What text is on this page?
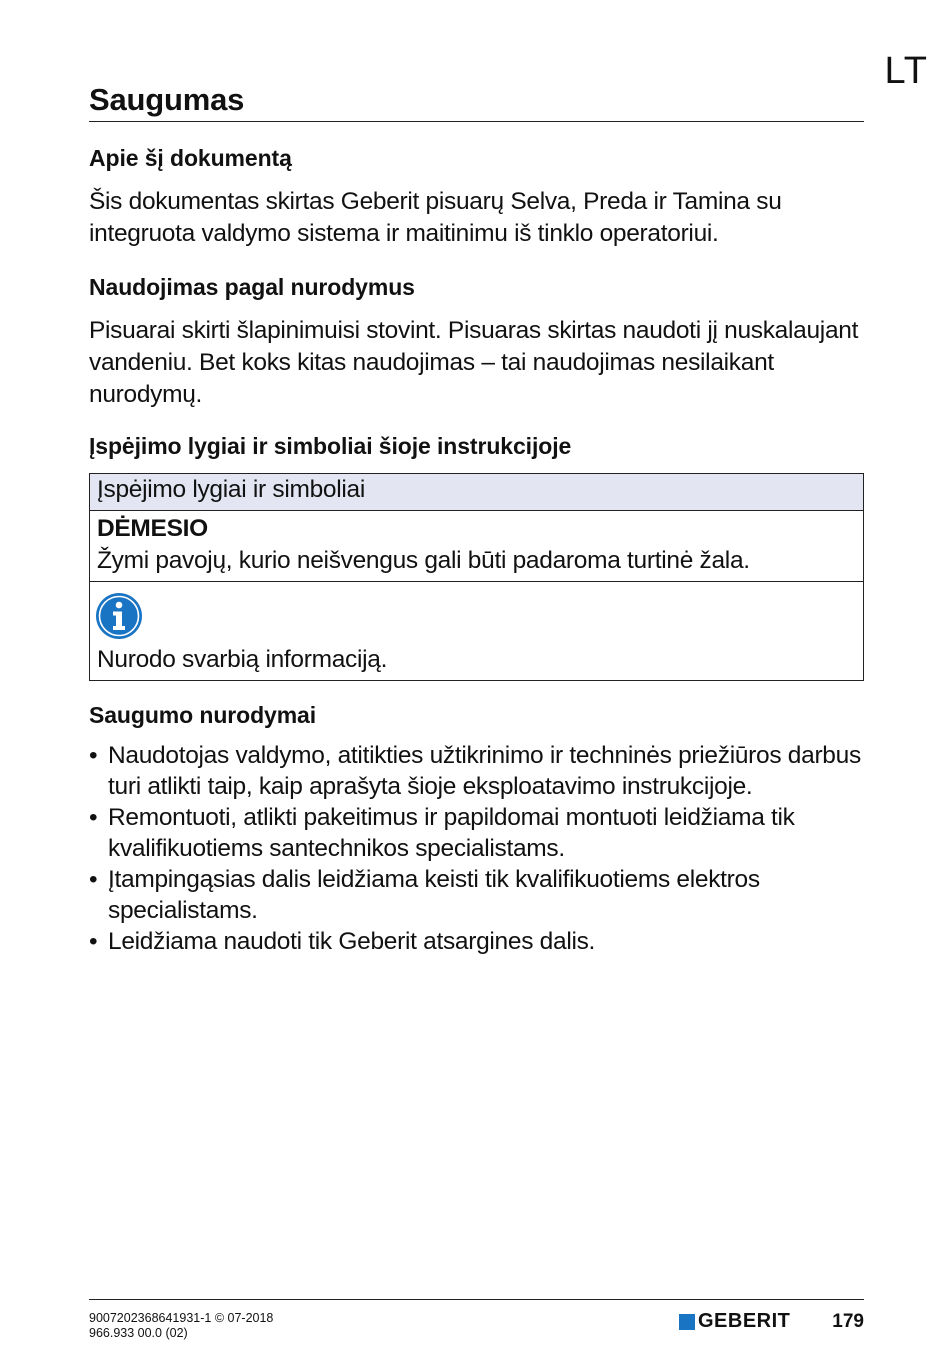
LT
Saugumas
Apie šį dokumentą

Šis dokumentas skirtas Geberit pisuarų Selva, Preda ir Tamina su integruota valdymo sistema ir maitinimu iš tinklo operatoriui.

Naudojimas pagal nurodymus

Pisuarai skirti šlapinimuisi stovint. Pisuaras skirtas naudoti jį nuskalaujant vandeniu. Bet koks kitas naudojimas – tai naudojimas nesilaikant nurodymų.

Įspėjimo lygiai ir simboliai šioje instrukcijoje
Įspėjimo lygiai ir simboliai

DĖMESIO
Žymi pavojų, kurio neišvengus gali būti padaroma turtinė žala.

Nurodo svarbią informaciją.
Saugumo nurodymai
• Naudotojas valdymo, atitikties užtikrinimo ir techninės priežiūros darbus turi atlikti taip, kaip aprašyta šioje eksploatavimo instrukcijoje.
• Remontuoti, atlikti pakeitimus ir papildomai montuoti leidžiama tik kvalifikuotiems santechnikos specialistams.
• Įtampingąsias dalis leidžiama keisti tik kvalifikuotiems elektros specialistams.
• Leidžiama naudoti tik Geberit atsargines dalis.
9007202368641931-1 © 07-2018
966.933 00.0 (02)
GEBERIT 179
